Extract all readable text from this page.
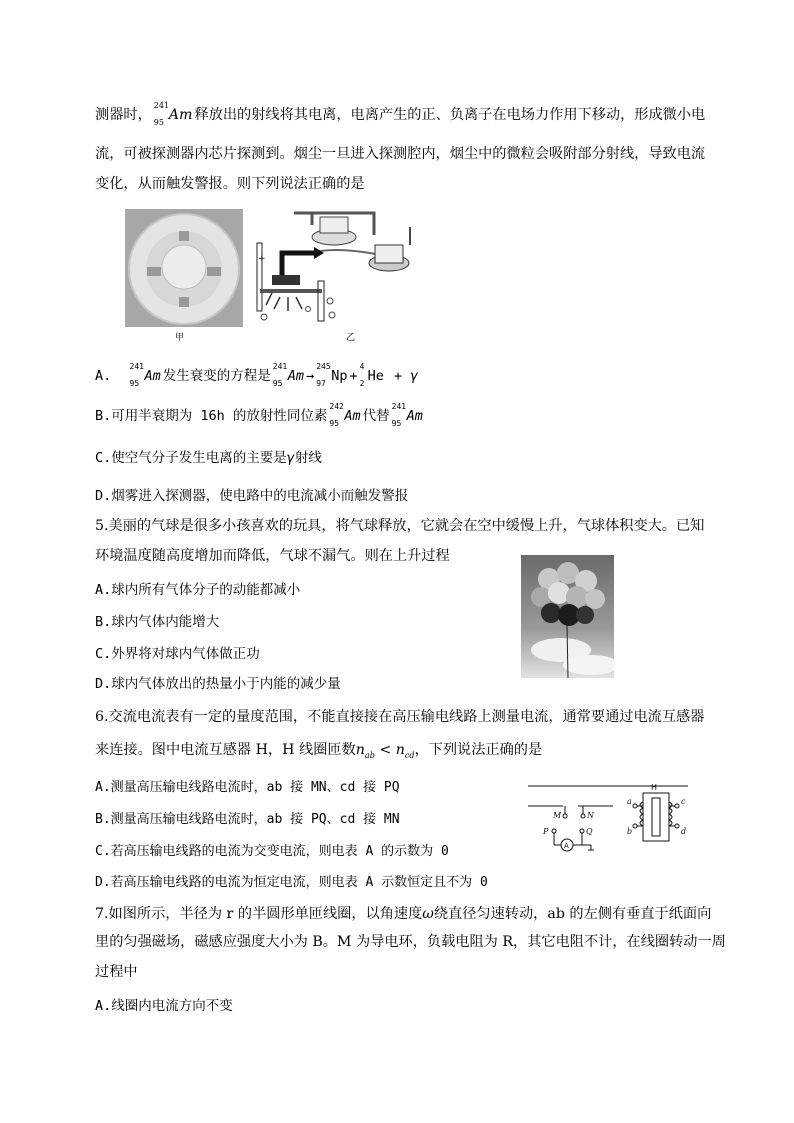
测器时，
241
95 Am 释放出的射线将其电离，电离产生的正、负离子在电场力作用下移动，形成微小电
流，可被探测器内芯片探测到。烟尘一旦进入探测腔内，烟尘中的微粒会吸附部分射线，导致电流
变化，从而触发警报。则下列说法正确的是
甲
+
乙
A.
241
95 Am 发生衰变的方程是
241
95 Am →
245
97 Np +
4
2 He + γ
B.可用半衰期为 16h 的放射性同位素
242
95 Am 代替
241
95 Am
C.使空气分子发生电离的主要是γ射线
D.烟雾进入探测器，使电路中的电流减小而触发警报
5.美丽的气球是很多小孩喜欢的玩具，将气球释放，它就会在空中缓慢上升，气球体积变大。已知
环境温度随高度增加而降低，气球不漏气。则在上升过程
A.球内所有气体分子的动能都减小
B.球内气体内能增大
C.外界将对球内气体做正功
D.球内气体放出的热量小于内能的减少量
6.交流电流表有一定的量度范围，不能直接接在高压输电线路上测量电流，通常要通过电流互感器
来连接。图中电流互感器 H，H 线圈匝数$n_{ab} < n_{cd}$，下列说法正确的是
A.测量高压输电线路电流时，ab 接 MN、cd 接 PQ
B.测量高压输电线路电流时，ab 接 PQ、cd 接 MN
C.若高压输电线路的电流为交变电流，则电表 A 的示数为 0
D.若高压输电线路的电流为恒定电流，则电表 A 示数恒定且不为 0
M	N
P	Q
a
b
c
d
A
H
7.如图所示，半径为 r 的半圆形单匝线圈，以角速度ω绕直径匀速转动，ab 的左侧有垂直于纸面向
里的匀强磁场，磁感应强度大小为 B。M 为导电环，负载电阻为 R，其它电阻不计，在线圈转动一周
过程中
A.线圈内电流方向不变
